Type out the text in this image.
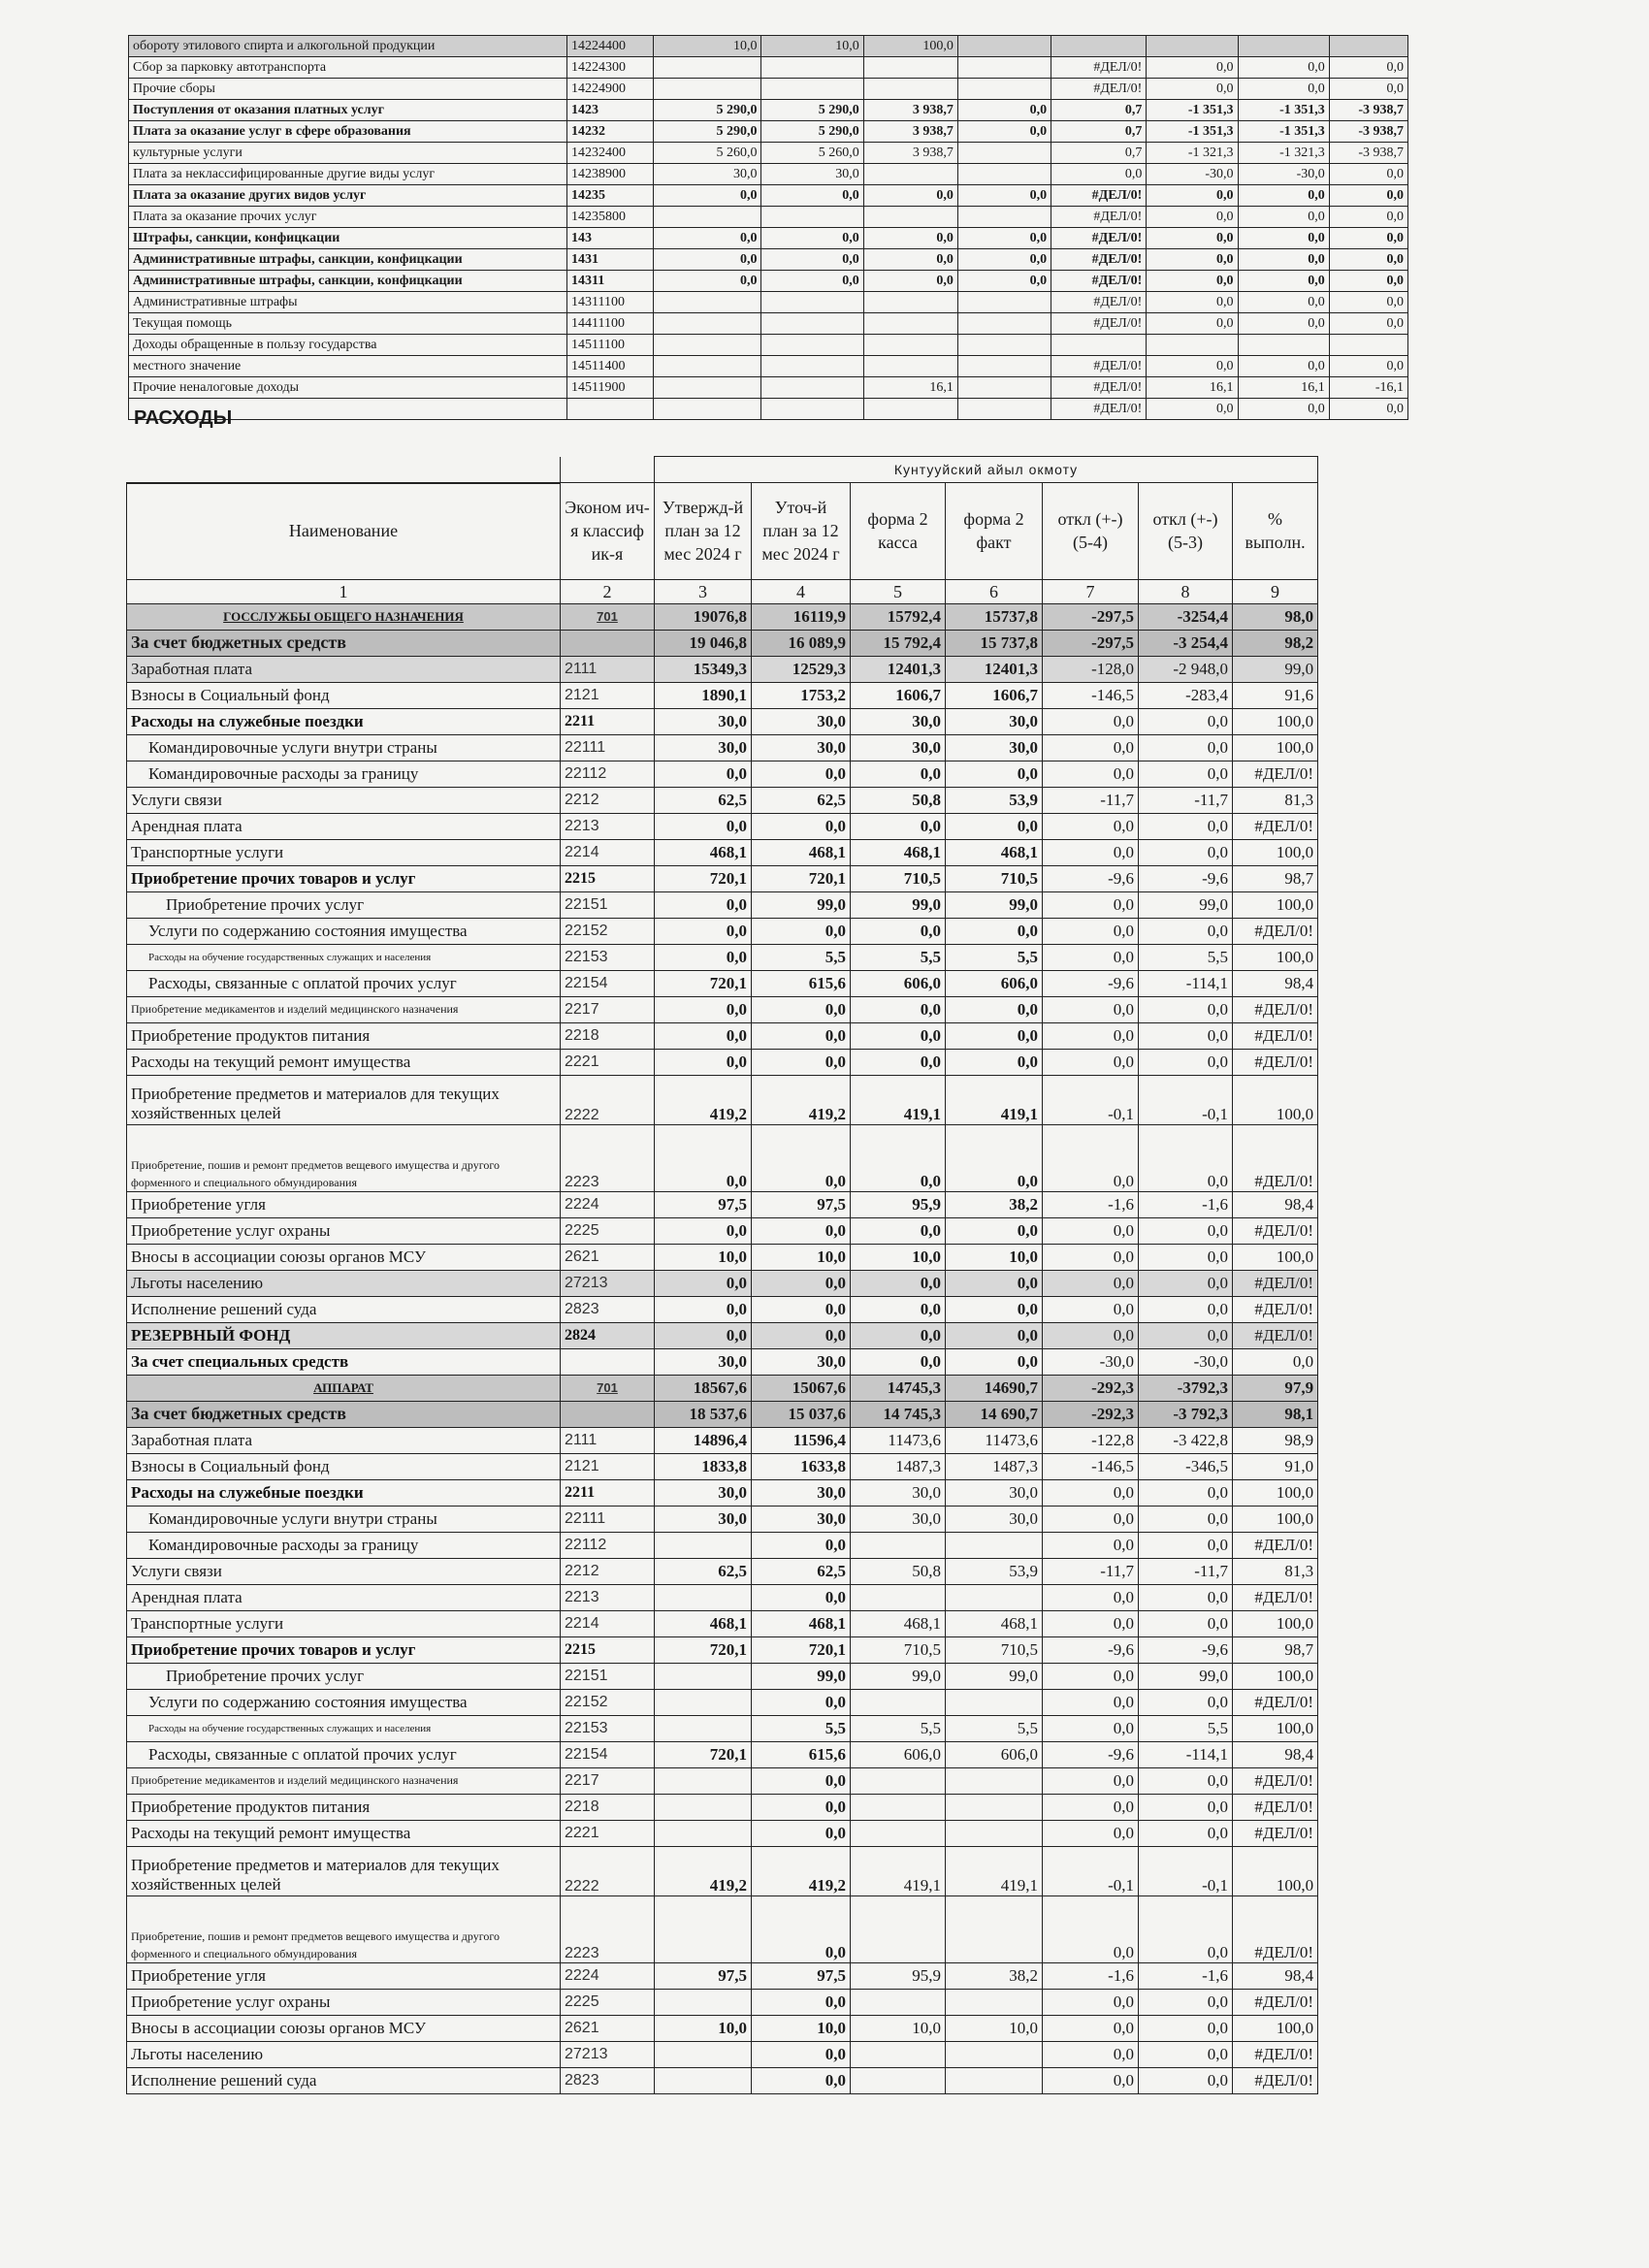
обороту этилового спирта и алкогольной продукции	14224400	10,0	10,0	100,0					
Сбор за парковку автотранспорта	14224300					#ДЕЛ/0!	0,0	0,0	0,0
Прочие сборы	14224900					#ДЕЛ/0!	0,0	0,0	0,0
Поступления от оказания платных услуг	1423	5 290,0	5 290,0	3 938,7	0,0	0,7	-1 351,3	-1 351,3	-3 938,7
Плата за оказание услуг в сфере образования	14232	5 290,0	5 290,0	3 938,7	0,0	0,7	-1 351,3	-1 351,3	-3 938,7
культурные услуги	14232400	5 260,0	5 260,0	3 938,7		0,7	-1 321,3	-1 321,3	-3 938,7
Плата за неклассифицированные другие виды услуг	14238900	30,0	30,0			0,0	-30,0	-30,0	0,0
Плата за оказание других видов услуг	14235	0,0	0,0	0,0	0,0	#ДЕЛ/0!	0,0	0,0	0,0
Плата за оказание прочих услуг	14235800					#ДЕЛ/0!	0,0	0,0	0,0
Штрафы, санкции, конфицкации	143	0,0	0,0	0,0	0,0	#ДЕЛ/0!	0,0	0,0	0,0
Административные штрафы, санкции, конфицкации	1431	0,0	0,0	0,0	0,0	#ДЕЛ/0!	0,0	0,0	0,0
Административные штрафы, санкции, конфицкации	14311	0,0	0,0	0,0	0,0	#ДЕЛ/0!	0,0	0,0	0,0
Административные штрафы	14311100					#ДЕЛ/0!	0,0	0,0	0,0
Текущая помощь	14411100					#ДЕЛ/0!	0,0	0,0	0,0
Доходы обращенные в пользу государства	14511100								
местного значение	14511400					#ДЕЛ/0!	0,0	0,0	0,0
Прочие неналоговые доходы	14511900			16,1		#ДЕЛ/0!	16,1	16,1	-16,1
						#ДЕЛ/0!	0,0	0,0	0,0
РАСХОДЫ
		Кунтууйский айыл окмоту						
Наименование	Эконом ич-я классиф ик-я	Утвержд-й план за 12 мес 2024 г	Уточ-й план за 12 мес 2024 г	форма 2 касса	форма 2 факт	откл (+-) (5-4)	откл (+-) (5-3)	% выполн.
1	2	3	4	5	6	7	8	9
ГОССЛУЖБЫ ОБЩЕГО НАЗНАЧЕНИЯ	701	19076,8	16119,9	15792,4	15737,8	-297,5	-3254,4	98,0
За счет бюджетных средств		19 046,8	16 089,9	15 792,4	15 737,8	-297,5	-3 254,4	98,2
Заработная плата	2111	15349,3	12529,3	12401,3	12401,3	-128,0	-2 948,0	99,0
Взносы в Социальный фонд	2121	1890,1	1753,2	1606,7	1606,7	-146,5	-283,4	91,6
Расходы на служебные поездки	2211	30,0	30,0	30,0	30,0	0,0	0,0	100,0
Командировочные услуги внутри страны	22111	30,0	30,0	30,0	30,0	0,0	0,0	100,0
Командировочные расходы за границу	22112	0,0	0,0	0,0	0,0	0,0	0,0	#ДЕЛ/0!
Услуги связи	2212	62,5	62,5	50,8	53,9	-11,7	-11,7	81,3
Арендная плата	2213	0,0	0,0	0,0	0,0	0,0	0,0	#ДЕЛ/0!
Транспортные услуги	2214	468,1	468,1	468,1	468,1	0,0	0,0	100,0
Приобретение прочих товаров и услуг	2215	720,1	720,1	710,5	710,5	-9,6	-9,6	98,7
Приобретение прочих услуг	22151	0,0	99,0	99,0	99,0	0,0	99,0	100,0
Услуги по содержанию состояния имущества	22152	0,0	0,0	0,0	0,0	0,0	0,0	#ДЕЛ/0!
Расходы на обучение государственных служащих и населения	22153	0,0	5,5	5,5	5,5	0,0	5,5	100,0
Расходы, связанные с оплатой прочих услуг	22154	720,1	615,6	606,0	606,0	-9,6	-114,1	98,4
Приобретение медикаментов и изделий медицинского назначения	2217	0,0	0,0	0,0	0,0	0,0	0,0	#ДЕЛ/0!
Приобретение продуктов питания	2218	0,0	0,0	0,0	0,0	0,0	0,0	#ДЕЛ/0!
Расходы на текущий ремонт имущества	2221	0,0	0,0	0,0	0,0	0,0	0,0	#ДЕЛ/0!
Приобретение предметов и материалов для текущих хозяйственных целей	2222	419,2	419,2	419,1	419,1	-0,1	-0,1	100,0
Приобретение, пошив и ремонт предметов вещевого имущества и другого форменного и специального обмундирования	2223	0,0	0,0	0,0	0,0	0,0	0,0	#ДЕЛ/0!
Приобретение угля	2224	97,5	97,5	95,9	38,2	-1,6	-1,6	98,4
Приобретение услуг охраны	2225	0,0	0,0	0,0	0,0	0,0	0,0	#ДЕЛ/0!
Вносы в ассоциации союзы органов МСУ	2621	10,0	10,0	10,0	10,0	0,0	0,0	100,0
Льготы населению	27213	0,0	0,0	0,0	0,0	0,0	0,0	#ДЕЛ/0!
Исполнение решений суда	2823	0,0	0,0	0,0	0,0	0,0	0,0	#ДЕЛ/0!
РЕЗЕРВНЫЙ ФОНД	2824	0,0	0,0	0,0	0,0	0,0	0,0	#ДЕЛ/0!
За счет специальных средств		30,0	30,0	0,0	0,0	-30,0	-30,0	0,0
АППАРАТ	701	18567,6	15067,6	14745,3	14690,7	-292,3	-3792,3	97,9
За счет бюджетных средств		18 537,6	15 037,6	14 745,3	14 690,7	-292,3	-3 792,3	98,1
Заработная плата	2111	14896,4	11596,4	11473,6	11473,6	-122,8	-3 422,8	98,9
Взносы в Социальный фонд	2121	1833,8	1633,8	1487,3	1487,3	-146,5	-346,5	91,0
Расходы на служебные поездки	2211	30,0	30,0	30,0	30,0	0,0	0,0	100,0
Командировочные услуги внутри страны	22111	30,0	30,0	30,0	30,0	0,0	0,0	100,0
Командировочные расходы за границу	22112		0,0			0,0	0,0	#ДЕЛ/0!
Услуги связи	2212	62,5	62,5	50,8	53,9	-11,7	-11,7	81,3
Арендная плата	2213		0,0			0,0	0,0	#ДЕЛ/0!
Транспортные услуги	2214	468,1	468,1	468,1	468,1	0,0	0,0	100,0
Приобретение прочих товаров и услуг	2215	720,1	720,1	710,5	710,5	-9,6	-9,6	98,7
Приобретение прочих услуг	22151		99,0	99,0	99,0	0,0	99,0	100,0
Услуги по содержанию состояния имущества	22152		0,0			0,0	0,0	#ДЕЛ/0!
Расходы на обучение государственных служащих и населения	22153		5,5	5,5	5,5	0,0	5,5	100,0
Расходы, связанные с оплатой прочих услуг	22154	720,1	615,6	606,0	606,0	-9,6	-114,1	98,4
Приобретение медикаментов и изделий медицинского назначения	2217		0,0			0,0	0,0	#ДЕЛ/0!
Приобретение продуктов питания	2218		0,0			0,0	0,0	#ДЕЛ/0!
Расходы на текущий ремонт имущества	2221		0,0			0,0	0,0	#ДЕЛ/0!
Приобретение предметов и материалов для текущих хозяйственных целей	2222	419,2	419,2	419,1	419,1	-0,1	-0,1	100,0
Приобретение, пошив и ремонт предметов вещевого имущества и другого форменного и специального обмундирования	2223		0,0			0,0	0,0	#ДЕЛ/0!
Приобретение угля	2224	97,5	97,5	95,9	38,2	-1,6	-1,6	98,4
Приобретение услуг охраны	2225		0,0			0,0	0,0	#ДЕЛ/0!
Вносы в ассоциации союзы органов МСУ	2621	10,0	10,0	10,0	10,0	0,0	0,0	100,0
Льготы населению	27213		0,0			0,0	0,0	#ДЕЛ/0!
Исполнение решений суда	2823		0,0			0,0	0,0	#ДЕЛ/0!
